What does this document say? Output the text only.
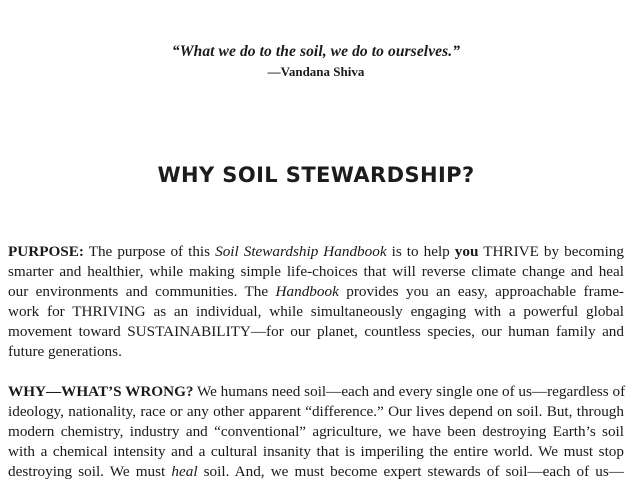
“What we do to the soil, we do to ourselves.”
—Vandana Shiva
WHY SOIL STEWARDSHIP?
PURPOSE: The purpose of this Soil Stewardship Handbook is to help you THRIVE by becoming
smarter and healthier, while making simple life-choices that will reverse climate change and heal
our environments and communities. The Handbook provides you an easy, approachable frame-
work for THRIVING as an individual, while simultaneously engaging with a powerful global
movement toward SUSTAINABILITY—for our planet, countless species, our human family and
future generations.
WHY—WHAT’S WRONG? We humans need soil—each and every single one of us—regardless of
ideology, nationality, race or any other apparent “difference.” Our lives depend on soil. But, through
modern chemistry, industry and “conventional” agriculture, we have been destroying Earth’s soil
with a chemical intensity and a cultural insanity that is imperiling the entire world. We must stop
destroying soil. We must heal soil. And, we must become expert stewards of soil—each of us—
